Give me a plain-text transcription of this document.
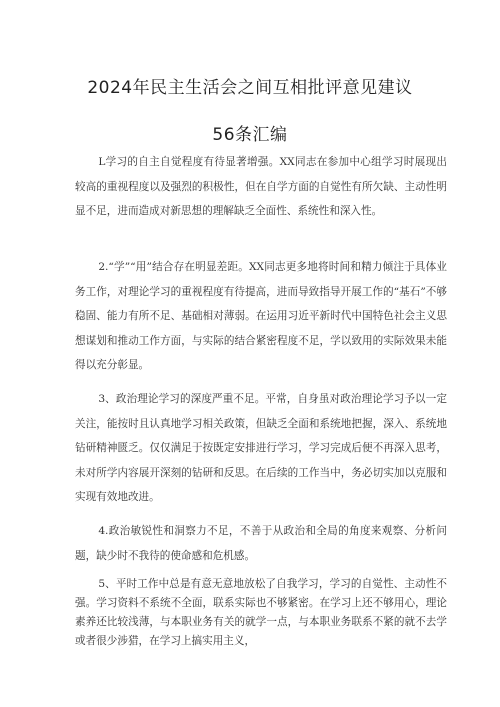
2024年民主生活会之间互相批评意见建议
56条汇编

L学习的自主自觉程度有待显著增强。XX同志在参加中心组学习时展现出较高的重视程度以及强烈的积极性，但在自学方面的自觉性有所欠缺、主动性明显不足，进而造成对新思想的理解缺乏全面性、系统性和深入性。

2.“学”“用”结合存在明显差距。XX同志更多地将时间和精力倾注于具体业务工作，对理论学习的重视程度有待提高，进而导致指导开展工作的“基石”不够稳固、能力有所不足、基础相对薄弱。在运用习近平新时代中国特色社会主义思想谋划和推动工作方面，与实际的结合紧密程度不足，学以致用的实际效果未能得以充分彰显。

3、政治理论学习的深度严重不足。平常，自身虽对政治理论学习予以一定关注，能按时且认真地学习相关政策，但缺乏全面和系统地把握，深入、系统地钻研精神匮乏。仅仅满足于按既定安排进行学习，学习完成后便不再深入思考，未对所学内容展开深刻的钻研和反思。在后续的工作当中，务必切实加以克服和实现有效地改进。

4.政治敏锐性和洞察力不足，不善于从政治和全局的角度来观察、分析问题，缺少时不我待的使命感和危机感。

5、平时工作中总是有意无意地放松了自我学习，学习的自觉性、主动性不强。学习资料不系统不全面，联系实际也不够紧密。在学习上还不够用心，理论素养还比较浅薄，与本职业务有关的就学一点，与本职业务联系不紧的就不去学或者很少涉猎，在学习上搞实用主义，
